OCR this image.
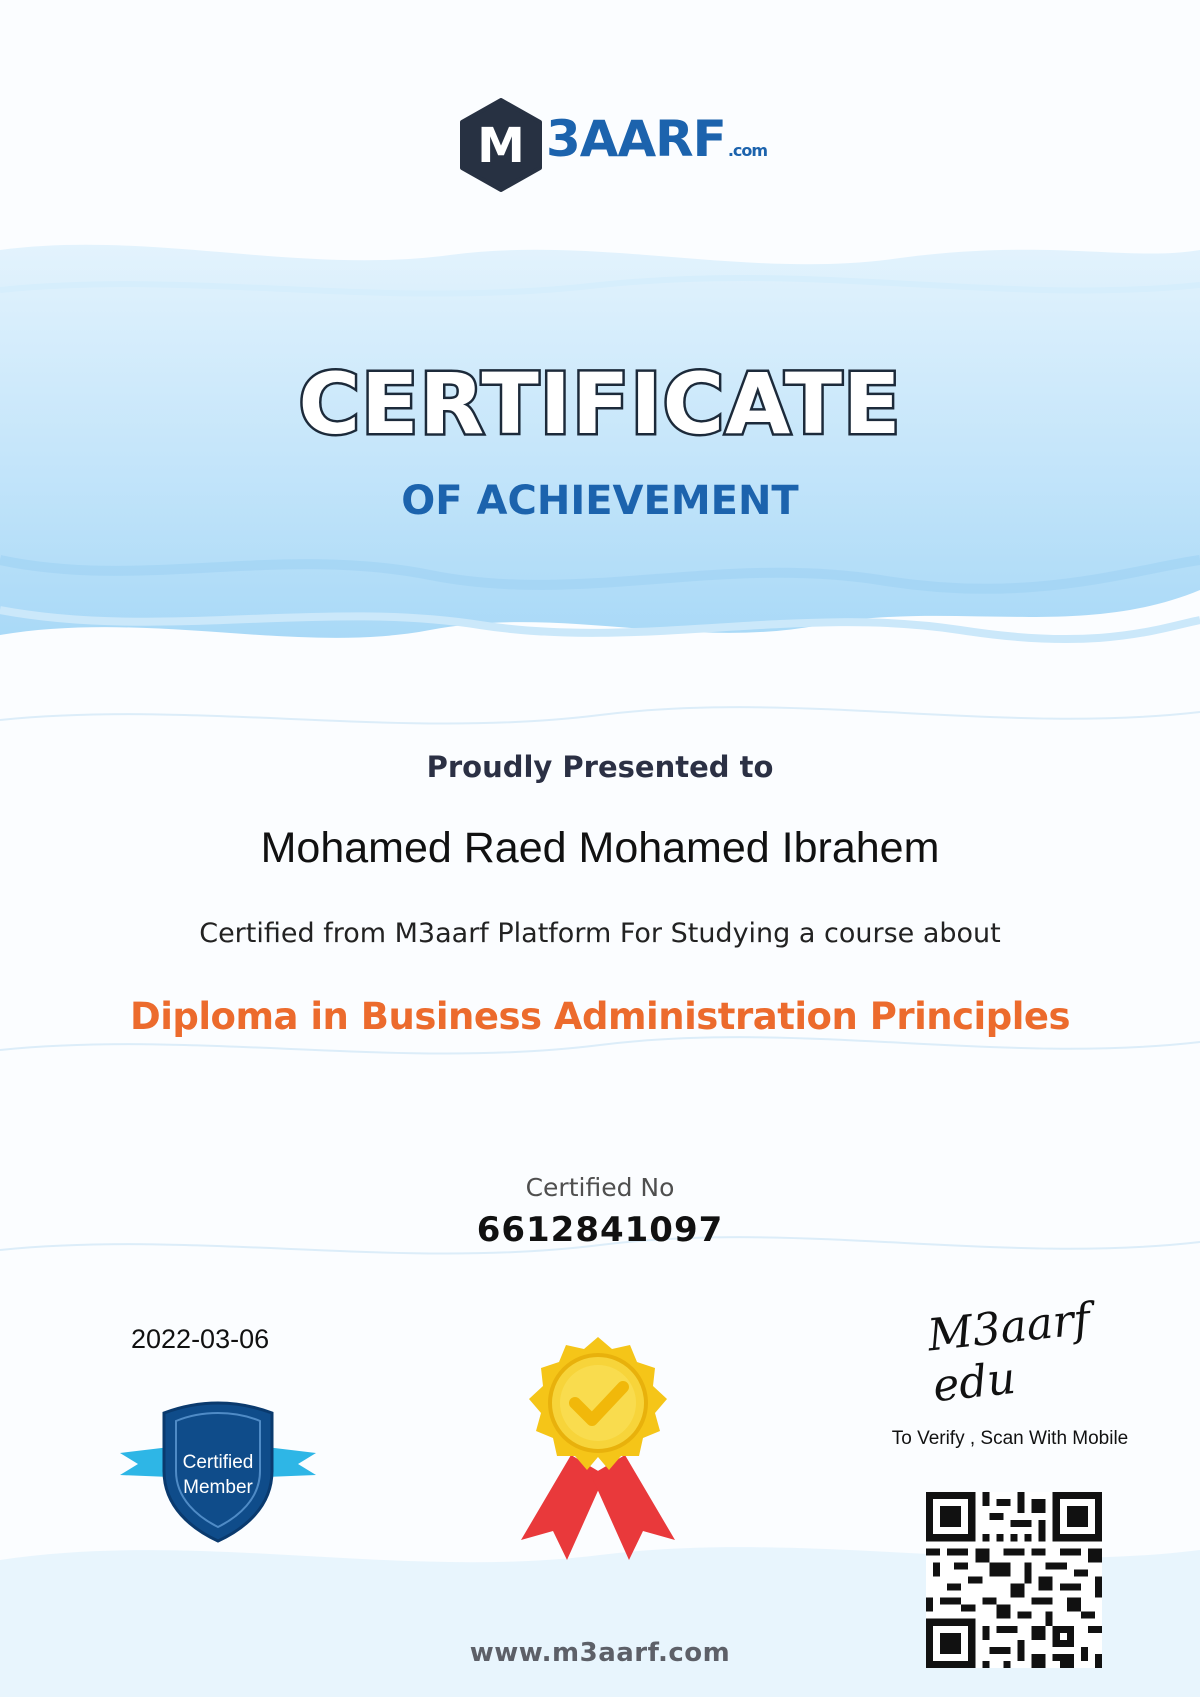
M 3AARF .com
CERTIFICATE
OF ACHIEVEMENT
Proudly Presented to
Mohamed Raed Mohamed Ibrahem
Certified from M3aarf Platform For Studying a course about
Diploma in Business Administration Principles
Certified No
6612841097
2022-03-06
Certified
Member
M3aarf edu
To Verify , Scan With Mobile
www.m3aarf.com
